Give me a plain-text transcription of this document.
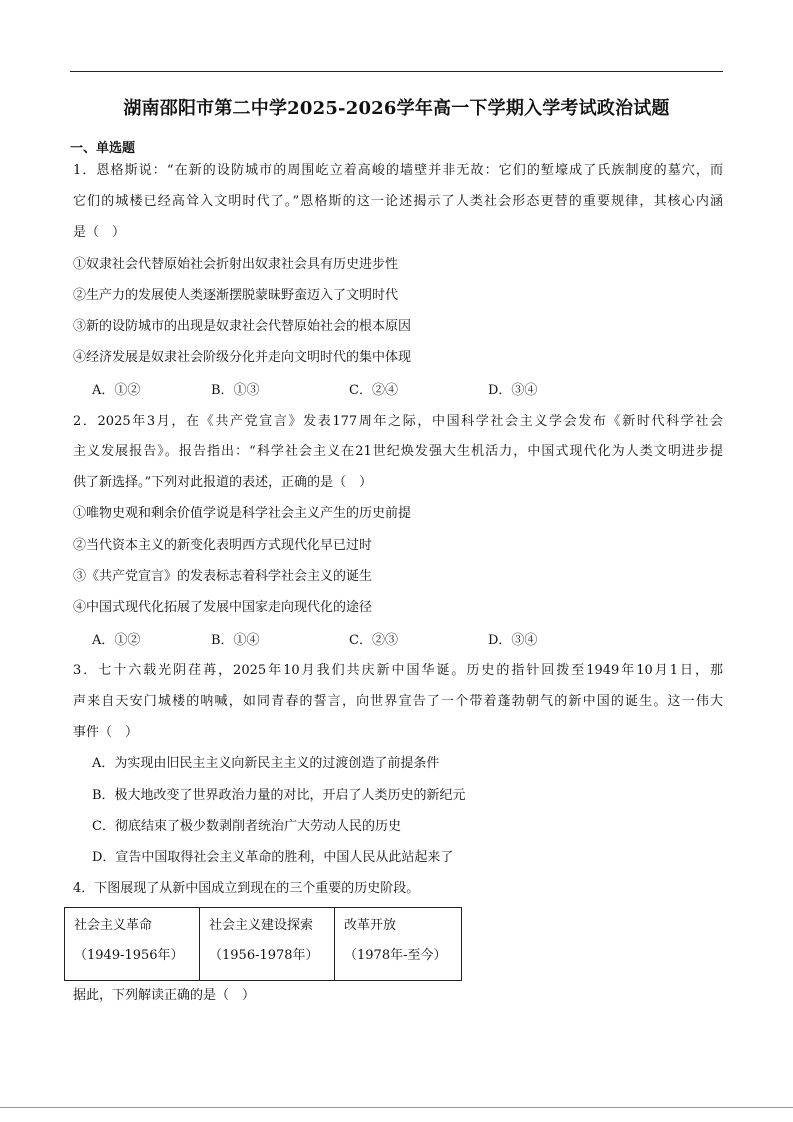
湖南邵阳市第二中学2025-2026学年高一下学期入学考试政治试题
一、单选题
1．恩格斯说：“在新的设防城市的周围屹立着高峻的墙壁并非无故：它们的堑壕成了氏族制度的墓穴，而
它们的城楼已经高耸入文明时代了。”恩格斯的这一论述揭示了人类社会形态更替的重要规律，其核心内涵
是（　）
①奴隶社会代替原始社会折射出奴隶社会具有历史进步性
②生产力的发展使人类逐渐摆脱蒙昧野蛮迈入了文明时代
③新的设防城市的出现是奴隶社会代替原始社会的根本原因
④经济发展是奴隶社会阶级分化并走向文明时代的集中体现
A．①②	B．①③	C．②④	D．③④
2．2025年3月，在《共产党宣言》发表177周年之际，中国科学社会主义学会发布《新时代科学社会
主义发展报告》。报告指出：“科学社会主义在21世纪焕发强大生机活力，中国式现代化为人类文明进步提
供了新选择。”下列对此报道的表述，正确的是（　）
①唯物史观和剩余价值学说是科学社会主义产生的历史前提
②当代资本主义的新变化表明西方式现代化早已过时
③《共产党宣言》的发表标志着科学社会主义的诞生
④中国式现代化拓展了发展中国家走向现代化的途径
A．①②	B．①④	C．②③	D．③④
3．七十六载光阴荏苒，2025年10月我们共庆新中国华诞。历史的指针回拨至1949年10月1日，那
声来自天安门城楼的呐喊，如同青春的誓言，向世界宣告了一个带着蓬勃朝气的新中国的诞生。这一伟大
事件（　）
A．为实现由旧民主主义向新民主主义的过渡创造了前提条件
B．极大地改变了世界政治力量的对比，开启了人类历史的新纪元
C．彻底结束了极少数剥削者统治广大劳动人民的历史
D．宣告中国取得社会主义革命的胜利，中国人民从此站起来了
4．下图展现了从新中国成立到现在的三个重要的历史阶段。
社会主义革命
（1949-1956年）

社会主义建设探索
（1956-1978年）

改革开放
（1978年-至今）
据此，下列解读正确的是（　）
